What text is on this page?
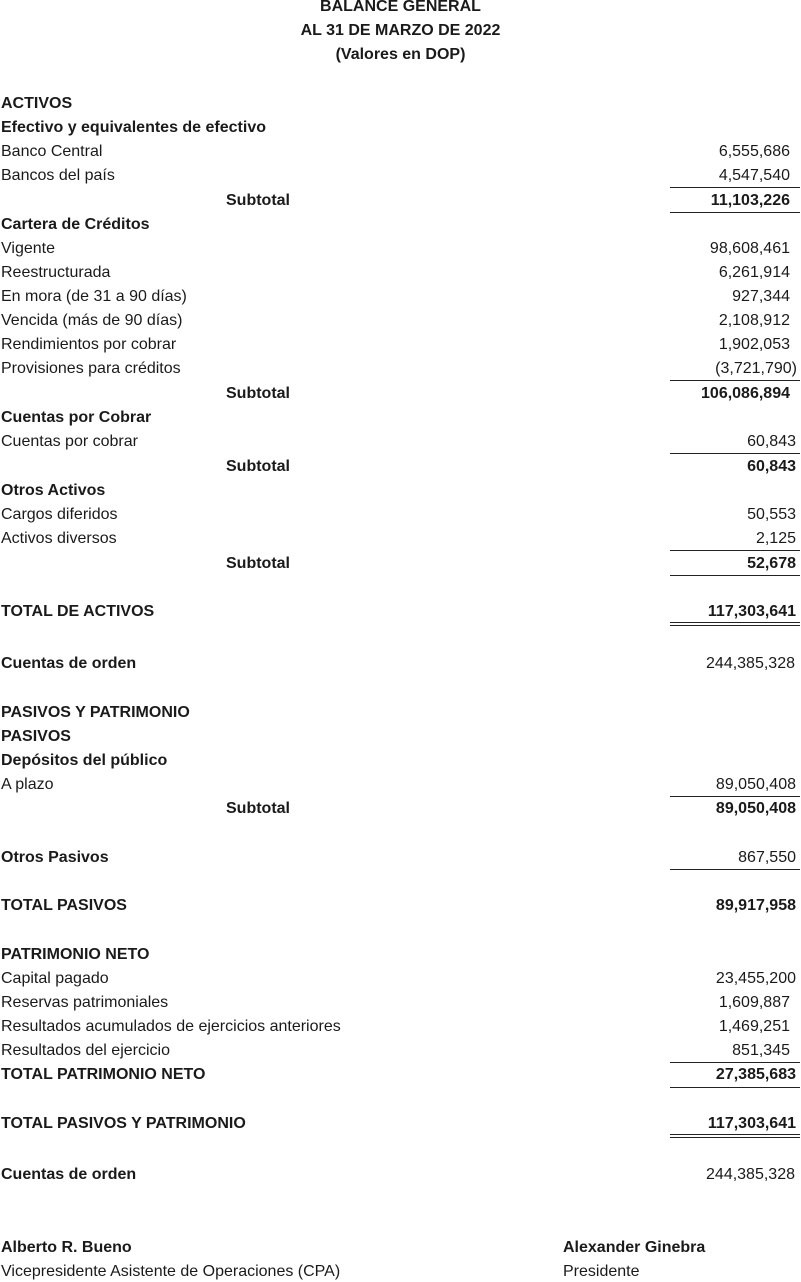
BALANCE GENERAL
AL 31 DE MARZO DE 2022
(Valores en DOP)
ACTIVOS
Efectivo y equivalentes de efectivo
Banco Central	6,555,686
Bancos del país	4,547,540
Subtotal	11,103,226
Cartera de Créditos
Vigente	98,608,461
Reestructurada	6,261,914
En mora (de 31 a 90 días)	927,344
Vencida (más de 90 días)	2,108,912
Rendimientos por cobrar	1,902,053
Provisiones para créditos	(3,721,790)
Subtotal	106,086,894
Cuentas por Cobrar
Cuentas por cobrar	60,843
Subtotal	60,843
Otros Activos
Cargos diferidos	50,553
Activos diversos	2,125
Subtotal	52,678
TOTAL DE ACTIVOS	117,303,641
Cuentas de orden	244,385,328
PASIVOS Y PATRIMONIO
PASIVOS
Depósitos del público
A plazo	89,050,408
Subtotal	89,050,408
Otros Pasivos	867,550
TOTAL PASIVOS	89,917,958
PATRIMONIO NETO
Capital pagado	23,455,200
Reservas patrimoniales	1,609,887
Resultados acumulados de ejercicios anteriores	1,469,251
Resultados del ejercicio	851,345
TOTAL PATRIMONIO NETO	27,385,683
TOTAL PASIVOS Y PATRIMONIO	117,303,641
Cuentas de orden	244,385,328
Alberto R. Bueno
Vicepresidente Asistente de Operaciones (CPA)
Alexander Ginebra
Presidente
